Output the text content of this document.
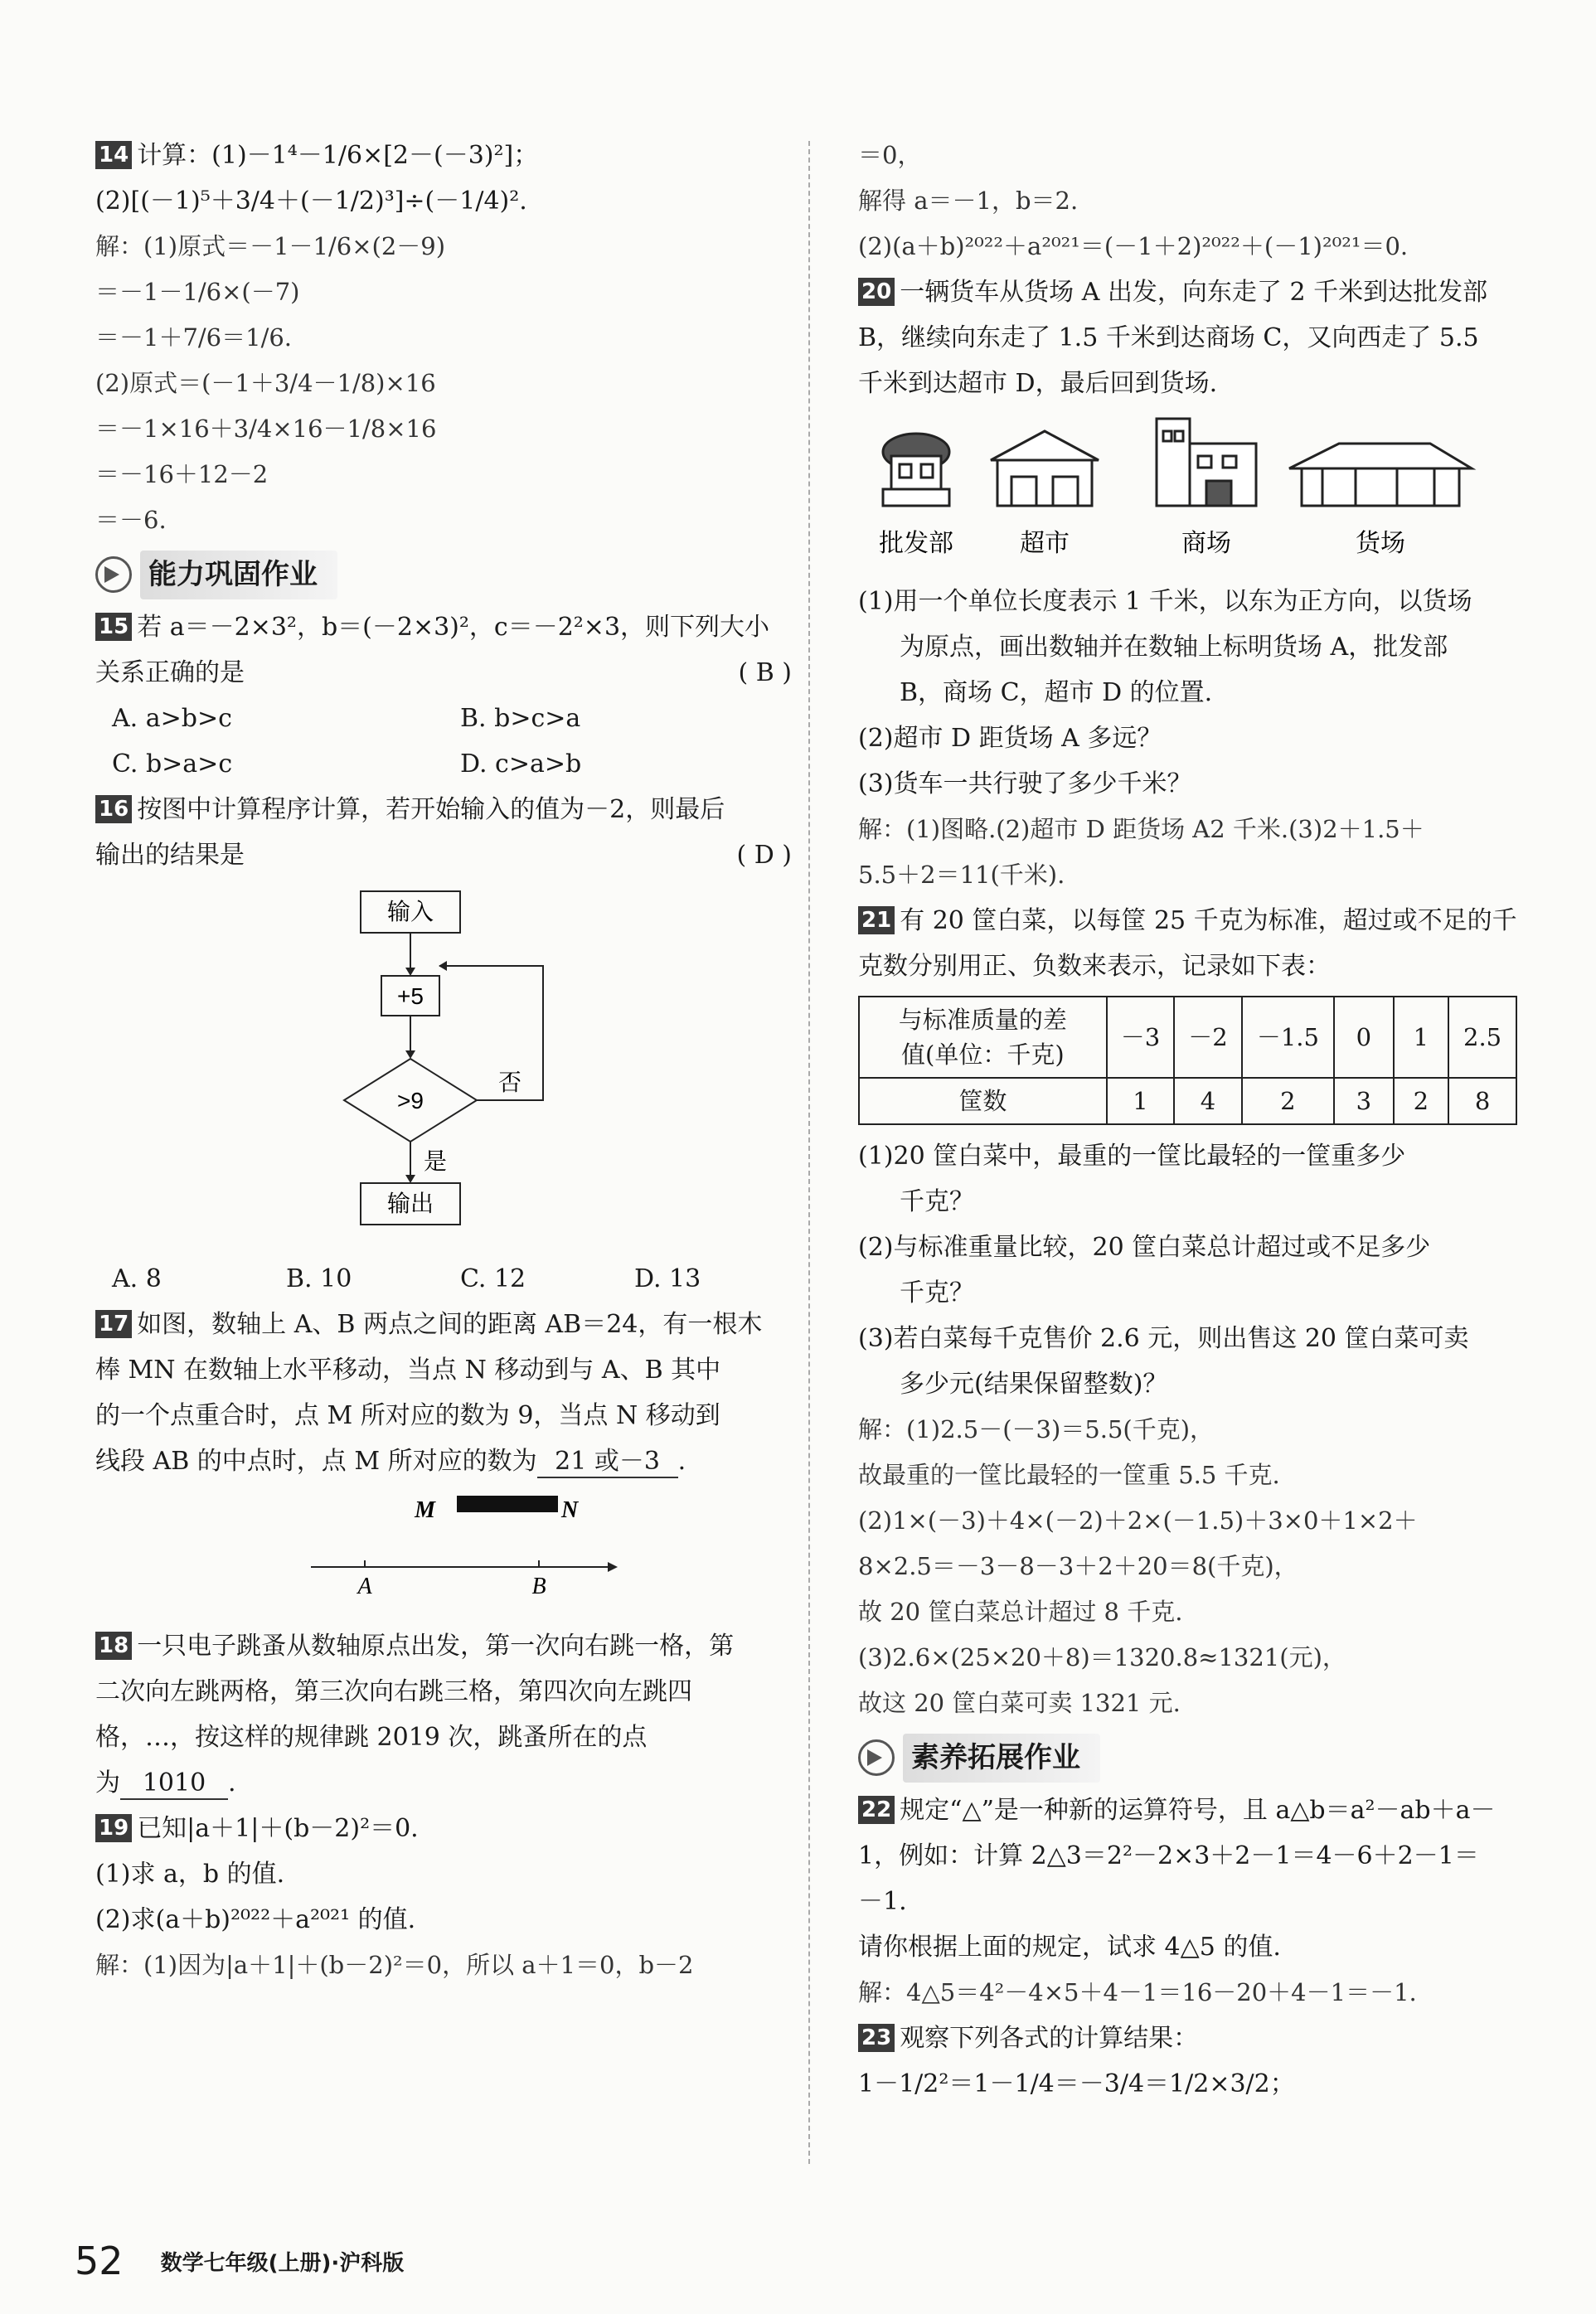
14 计算：(1)－1⁴－1/6×[2－(－3)²]；
(2)[(－1)⁵＋3/4＋(－1/2)³]÷(－1/4)².
解：(1)原式＝－1－1/6×(2－9)
＝－1－1/6×(－7)
＝－1＋7/6＝1/6.
(2)原式＝(－1＋3/4－1/8)×16
＝－1×16＋3/4×16－1/8×16
＝－16＋12－2
＝－6.
能力巩固作业
15 若 a＝－2×3²，b＝(－2×3)²，c＝－2²×3，则下列大小
关系正确的是	( B )
A. a>b>c	B. b>c>a
C. b>a>c	D. c>a>b
16 按图中计算程序计算，若开始输入的值为－2，则最后
输出的结果是	( D )
输入
+5
>9
否
是
输出
A. 8	B. 10	C. 12	D. 13
17 如图，数轴上 A、B 两点之间的距离 AB＝24，有一根木
棒 MN 在数轴上水平移动，当点 N 移动到与 A、B 其中
的一个点重合时，点 M 所对应的数为 9，当点 N 移动到
线段 AB 的中点时，点 M 所对应的数为 21 或－3 .
M	N
A	B
18 一只电子跳蚤从数轴原点出发，第一次向右跳一格，第
二次向左跳两格，第三次向右跳三格，第四次向左跳四
格，…，按这样的规律跳 2019 次，跳蚤所在的点
为 1010 .
19 已知|a＋1|＋(b－2)²＝0.
(1)求 a，b 的值.
(2)求(a＋b)²⁰²²＋a²⁰²¹ 的值.
解：(1)因为|a＋1|＋(b－2)²＝0，所以 a＋1＝0，b－2
＝0，
解得 a＝－1，b＝2.
(2)(a＋b)²⁰²²＋a²⁰²¹＝(－1＋2)²⁰²²＋(－1)²⁰²¹＝0.
20 一辆货车从货场 A 出发，向东走了 2 千米到达批发部
B，继续向东走了 1.5 千米到达商场 C，又向西走了 5.5
千米到达超市 D，最后回到货场.
批发部	超市	商场	货场
(1)用一个单位长度表示 1 千米，以东为正方向，以货场
为原点，画出数轴并在数轴上标明货场 A，批发部
B，商场 C，超市 D 的位置.
(2)超市 D 距货场 A 多远？
(3)货车一共行驶了多少千米？
解：(1)图略.(2)超市 D 距货场 A2 千米.(3)2＋1.5＋
5.5＋2＝11(千米).
21 有 20 筐白菜，以每筐 25 千克为标准，超过或不足的千
克数分别用正、负数来表示，记录如下表：
与标准质量的差
值(单位：千克)	－3	－2	－1.5	0	1	2.5
筐数	1	4	2	3	2	8
(1)20 筐白菜中，最重的一筐比最轻的一筐重多少
千克？
(2)与标准重量比较，20 筐白菜总计超过或不足多少
千克？
(3)若白菜每千克售价 2.6 元，则出售这 20 筐白菜可卖
多少元(结果保留整数)？
解：(1)2.5－(－3)＝5.5(千克)，
故最重的一筐比最轻的一筐重 5.5 千克.
(2)1×(－3)＋4×(－2)＋2×(－1.5)＋3×0＋1×2＋
8×2.5＝－3－8－3＋2＋20＝8(千克)，
故 20 筐白菜总计超过 8 千克.
(3)2.6×(25×20＋8)＝1320.8≈1321(元)，
故这 20 筐白菜可卖 1321 元.
素养拓展作业
22 规定“△”是一种新的运算符号，且 a△b＝a²－ab＋a－
1，例如：计算 2△3＝2²－2×3＋2－1＝4－6＋2－1＝
－1.
请你根据上面的规定，试求 4△5 的值.
解：4△5＝4²－4×5＋4－1＝16－20＋4－1＝－1.
23 观察下列各式的计算结果：
1－1/2²＝1－1/4＝－3/4＝1/2×3/2；
52 数学七年级(上册)·沪科版
